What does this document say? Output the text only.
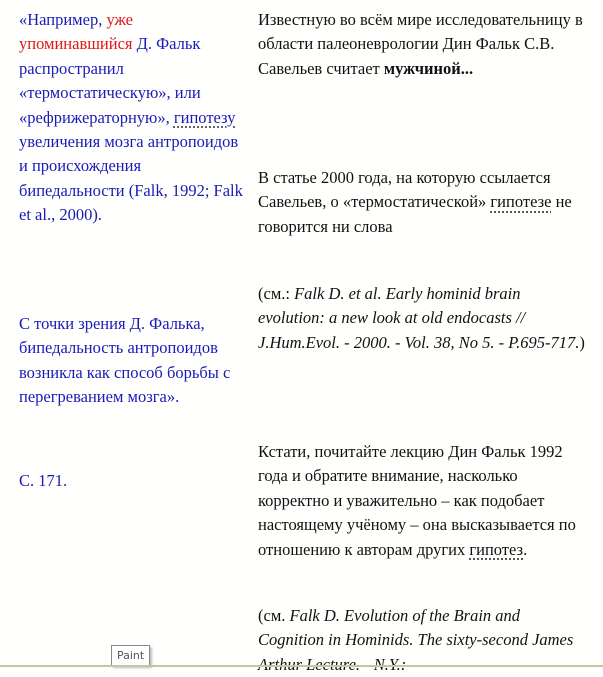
«Например, уже упоминавшийся Д. Фальк распространил «термостатическую», или «рефрижераторную», гипотезу увеличения мозга антропоидов и происхождения бипедальности (Falk, 1992; Falk et al., 2000).
С точки зрения Д. Фалька, бипедальность антропоидов возникла как способ борьбы с перегреванием мозга».
С. 171.
Известную во всём мире исследовательницу в области палеоневрологии Дин Фальк С.В. Савельев считает мужчиной...
В статье 2000 года, на которую ссылается Савельев, о «термостатической» гипотезе не говорится ни слова
(см.: Falk D. et al. Early hominid brain evolution: a new look at old endocasts // J.Hum.Evol. - 2000. - Vol. 38, No 5. - P.695-717.)
Кстати, почитайте лекцию Дин Фальк 1992 года и обратите внимание, насколько корректно и уважительно – как подобает настоящему учёному – она высказывается по отношению к авторам других гипотез.
(см. Falk D. Evolution of the Brain and Cognition in Hominids. The sixty-second James
Paint
